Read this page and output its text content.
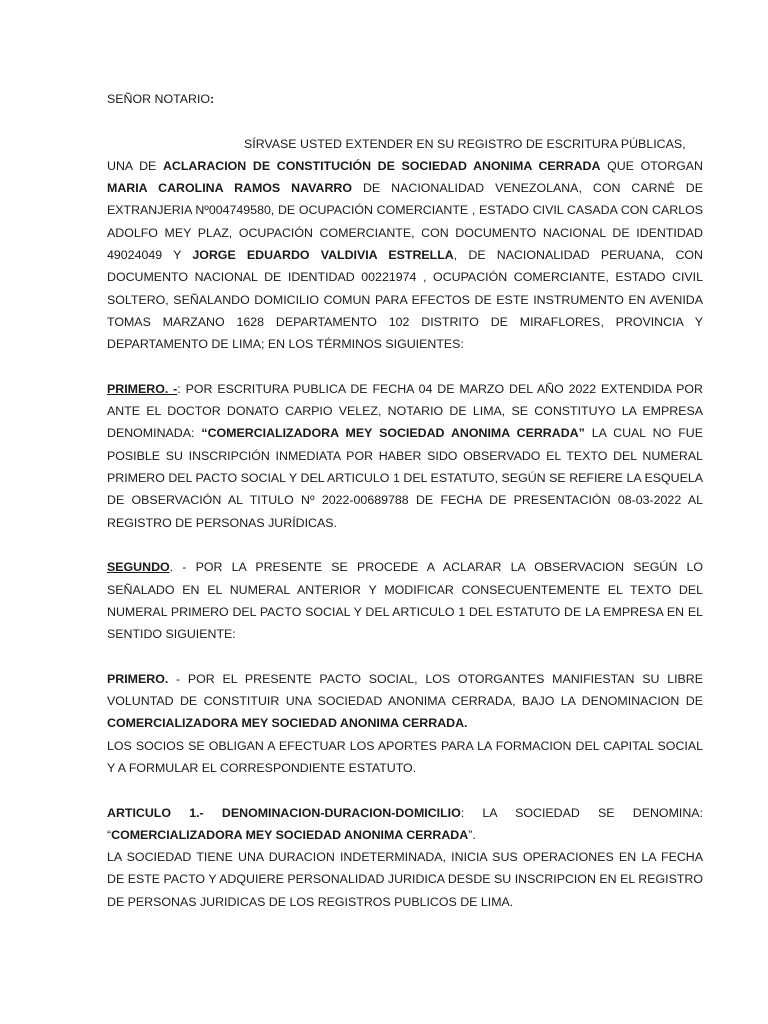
SEÑOR NOTARIO:

SÍRVASE USTED EXTENDER EN SU REGISTRO DE ESCRITURA PÚBLICAS,

UNA DE ACLARACION DE CONSTITUCIÓN DE SOCIEDAD ANONIMA CERRADA QUE OTORGAN MARIA CAROLINA RAMOS NAVARRO DE NACIONALIDAD VENEZOLANA, CON CARNÉ DE EXTRANJERIA Nº004749580, DE OCUPACIÓN COMERCIANTE , ESTADO CIVIL CASADA CON CARLOS ADOLFO MEY PLAZ, OCUPACIÓN COMERCIANTE, CON DOCUMENTO NACIONAL DE IDENTIDAD 49024049 Y JORGE EDUARDO VALDIVIA ESTRELLA, DE NACIONALIDAD PERUANA, CON DOCUMENTO NACIONAL DE IDENTIDAD 00221974 , OCUPACIÓN COMERCIANTE, ESTADO CIVIL SOLTERO, SEÑALANDO DOMICILIO COMUN PARA EFECTOS DE ESTE INSTRUMENTO EN AVENIDA TOMAS MARZANO 1628 DEPARTAMENTO 102 DISTRITO DE MIRAFLORES, PROVINCIA Y DEPARTAMENTO DE LIMA; EN LOS TÉRMINOS SIGUIENTES:

PRIMERO. -: POR ESCRITURA PUBLICA DE FECHA 04 DE MARZO DEL AÑO 2022 EXTENDIDA POR ANTE EL DOCTOR DONATO CARPIO VELEZ, NOTARIO DE LIMA, SE CONSTITUYO LA EMPRESA DENOMINADA: “COMERCIALIZADORA MEY SOCIEDAD ANONIMA CERRADA” LA CUAL NO FUE POSIBLE SU INSCRIPCIÓN INMEDIATA POR HABER SIDO OBSERVADO EL TEXTO DEL NUMERAL PRIMERO DEL PACTO SOCIAL Y DEL ARTICULO 1 DEL ESTATUTO, SEGÚN SE REFIERE LA ESQUELA DE OBSERVACIÓN AL TITULO Nº 2022-00689788 DE FECHA DE PRESENTACIÓN 08-03-2022 AL REGISTRO DE PERSONAS JURÍDICAS.

SEGUNDO. - POR LA PRESENTE SE PROCEDE A ACLARAR LA OBSERVACION SEGÚN LO SEÑALADO EN EL NUMERAL ANTERIOR Y MODIFICAR CONSECUENTEMENTE EL TEXTO DEL NUMERAL PRIMERO DEL PACTO SOCIAL Y DEL ARTICULO 1 DEL ESTATUTO DE LA EMPRESA EN EL SENTIDO SIGUIENTE:

PRIMERO. - POR EL PRESENTE PACTO SOCIAL, LOS OTORGANTES MANIFIESTAN SU LIBRE VOLUNTAD DE CONSTITUIR UNA SOCIEDAD ANONIMA CERRADA, BAJO LA DENOMINACION DE COMERCIALIZADORA MEY SOCIEDAD ANONIMA CERRADA.

LOS SOCIOS SE OBLIGAN A EFECTUAR LOS APORTES PARA LA FORMACION DEL CAPITAL SOCIAL Y A FORMULAR EL CORRESPONDIENTE ESTATUTO.

ARTICULO 1.- DENOMINACION-DURACION-DOMICILIO: LA SOCIEDAD SE DENOMINA: “COMERCIALIZADORA MEY SOCIEDAD ANONIMA CERRADA”.

LA SOCIEDAD TIENE UNA DURACION INDETERMINADA, INICIA SUS OPERACIONES EN LA FECHA DE ESTE PACTO Y ADQUIERE PERSONALIDAD JURIDICA DESDE SU INSCRIPCION EN EL REGISTRO DE PERSONAS JURIDICAS DE LOS REGISTROS PUBLICOS DE LIMA.
